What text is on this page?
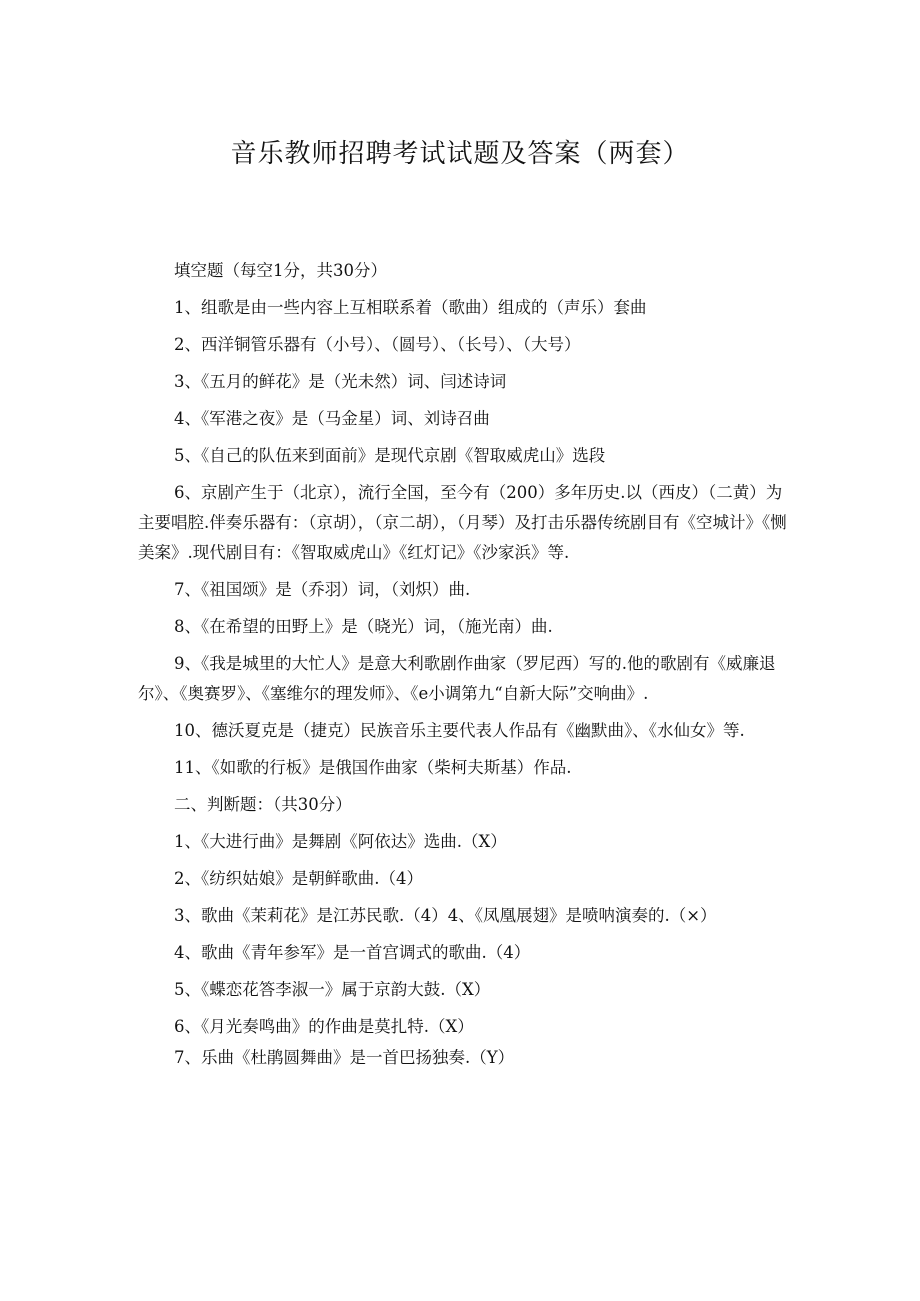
音乐教师招聘考试试题及答案（两套）

填空题（每空1分，共30分）

1、组歌是由一些内容上互相联系着（歌曲）组成的（声乐）套曲

2、西洋铜管乐器有（小号）、（圆号）、（长号）、（大号）

3、《五月的鲜花》是（光未然）词、闫述诗词

4、《军港之夜》是（马金星）词、刘诗召曲

5、《自己的队伍来到面前》是现代京剧《智取威虎山》选段

6、京剧产生于（北京），流行全国，至今有（200）多年历史.以（西皮）（二黄）为主要唱腔.伴奏乐器有：（京胡），（京二胡），（月琴）及打击乐器传统剧目有《空城计》《恻美案》.现代剧目有：《智取威虎山》《红灯记》《沙家浜》等.

7、《祖国颂》是（乔羽）词，（刘炽）曲.

8、《在希望的田野上》是（晓光）词，（施光南）曲.

9、《我是城里的大忙人》是意大利歌剧作曲家（罗尼西）写的.他的歌剧有《威廉退尔》、《奥赛罗》、《塞维尔的理发师》、《e小调第九“自新大际”交响曲》.

10、德沃夏克是（捷克）民族音乐主要代表人作品有《幽默曲》、《水仙女》等.

11、《如歌的行板》是俄国作曲家（柴柯夫斯基）作品.

二、判断题：（共30分）

1、《大进行曲》是舞剧《阿依达》选曲.（X）

2、《纺织姑娘》是朝鲜歌曲.（4）

3、歌曲《茉莉花》是江苏民歌.（4）4、《凤凰展翅》是喷呐演奏的.（×）

4、歌曲《青年参军》是一首宫调式的歌曲.（4）

5、《蝶恋花答李淑一》属于京韵大鼓.（X）

6、《月光奏鸣曲》的作曲是莫扎特.（X）

7、乐曲《杜鹃圆舞曲》是一首巴扬独奏.（Y）
